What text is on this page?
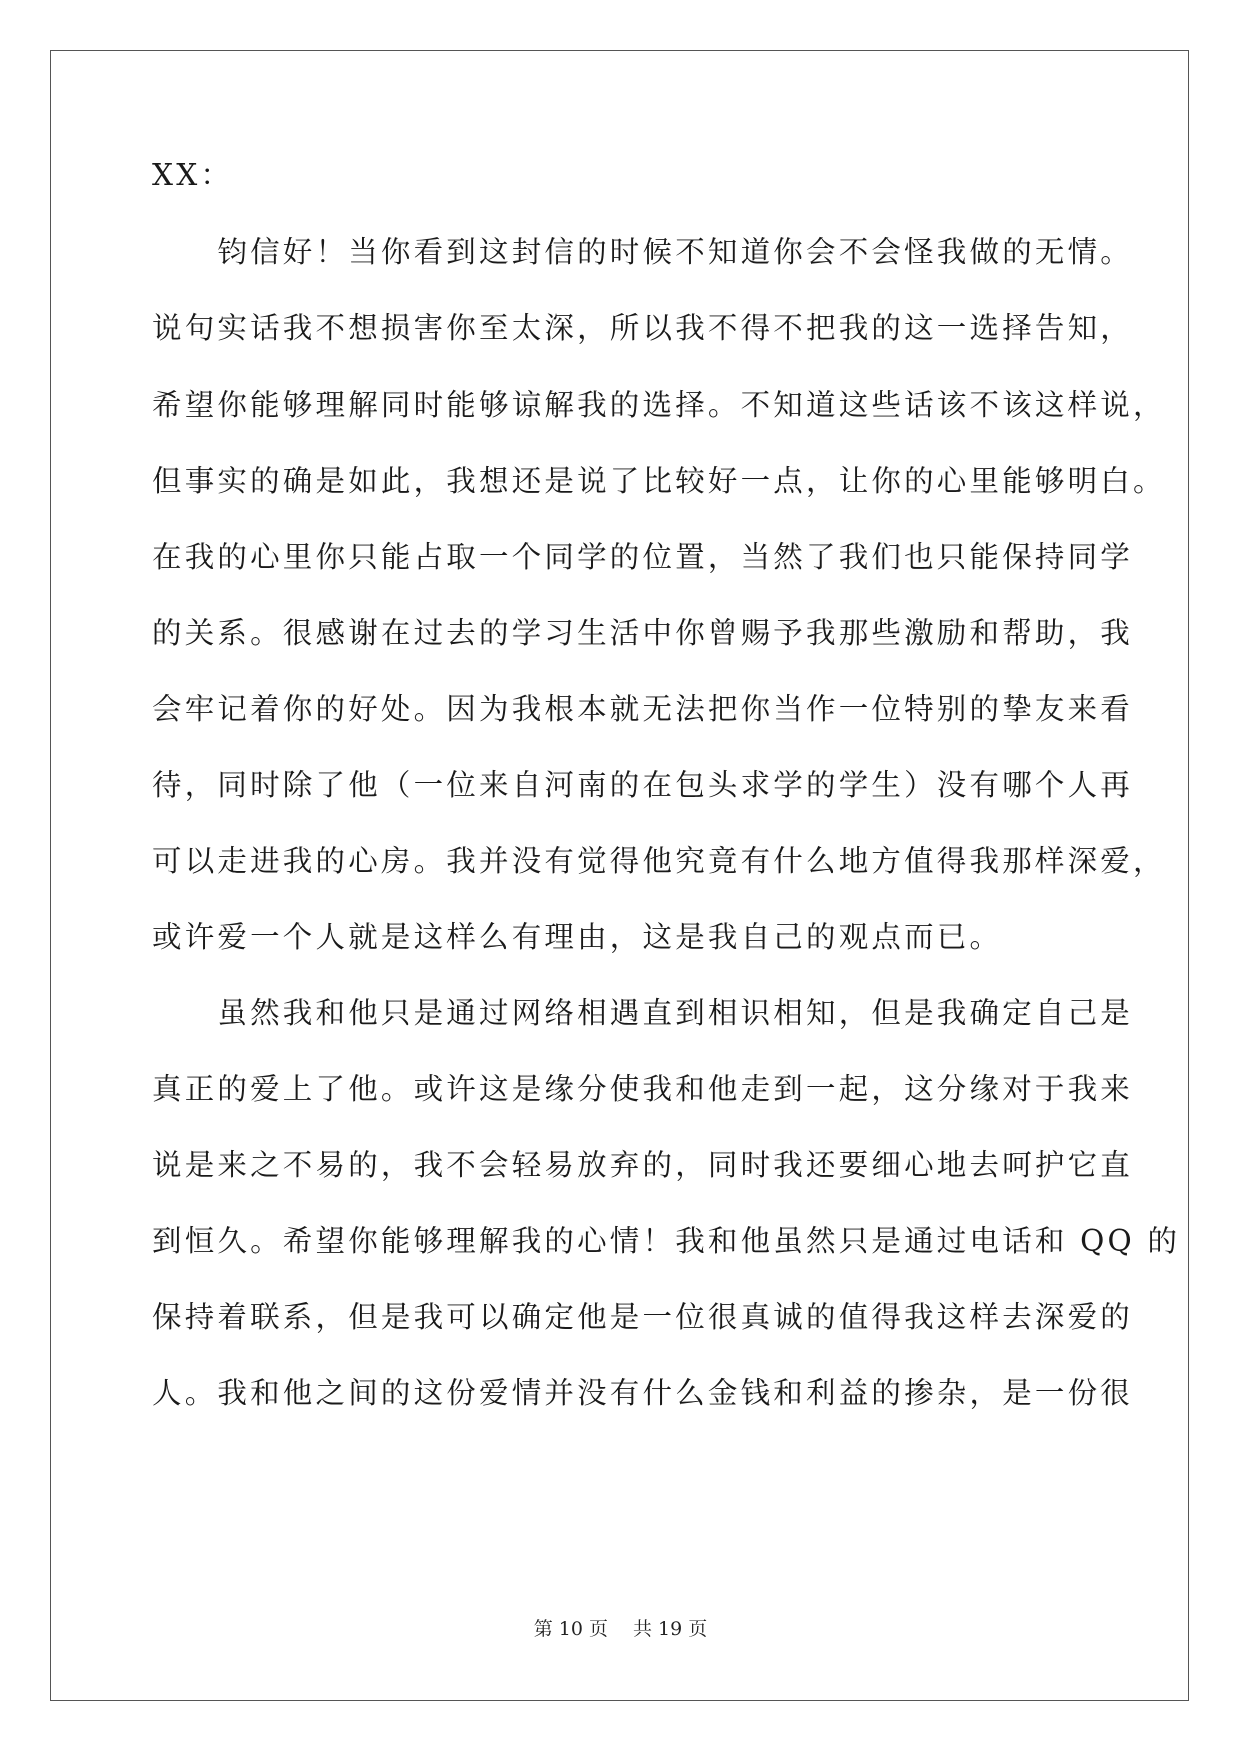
XX：
　　钧信好！当你看到这封信的时候不知道你会不会怪我做的无情。
说句实话我不想损害你至太深，所以我不得不把我的这一选择告知，
希望你能够理解同时能够谅解我的选择。不知道这些话该不该这样说，
但事实的确是如此，我想还是说了比较好一点，让你的心里能够明白。
在我的心里你只能占取一个同学的位置，当然了我们也只能保持同学
的关系。很感谢在过去的学习生活中你曾赐予我那些激励和帮助，我
会牢记着你的好处。因为我根本就无法把你当作一位特别的挚友来看
待，同时除了他（一位来自河南的在包头求学的学生）没有哪个人再
可以走进我的心房。我并没有觉得他究竟有什么地方值得我那样深爱，
或许爱一个人就是这样么有理由，这是我自己的观点而已。
　　虽然我和他只是通过网络相遇直到相识相知，但是我确定自己是
真正的爱上了他。或许这是缘分使我和他走到一起，这分缘对于我来
说是来之不易的，我不会轻易放弃的，同时我还要细心地去呵护它直
到恒久。希望你能够理解我的心情！我和他虽然只是通过电话和 QQ 的
保持着联系，但是我可以确定他是一位很真诚的值得我这样去深爱的
人。我和他之间的这份爱情并没有什么金钱和利益的掺杂，是一份很
第 10 页　 共 19 页
